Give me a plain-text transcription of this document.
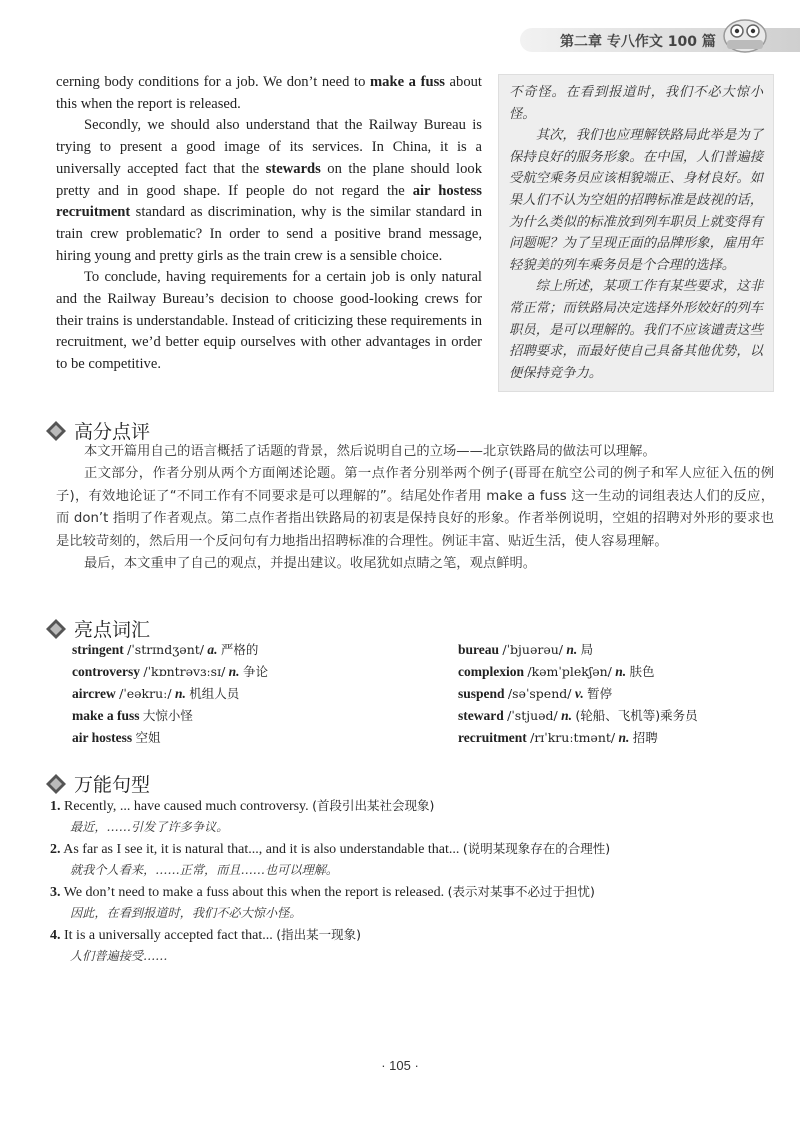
第二章 专八作文 100 篇

cerning body conditions for a job. We don’t need to make a fuss about this when the report is released.

Secondly, we should also understand that the Railway Bureau is trying to present a good image of its services. In China, it is a universally accepted fact that the stewards on the plane should look pretty and in good shape. If people do not regard the air hostess recruitment standard as discrimination, why is the similar standard in train crew problematic? In order to send a positive brand message, hiring young and pretty girls as the train crew is a sensible choice.

To conclude, having requirements for a certain job is only natural and the Railway Bureau’s decision to choose good-looking crews for their trains is understandable. Instead of criticizing these requirements in recruitment, we’d better equip ourselves with other advantages in order to be competitive.

不奇怪。在看到报道时，我们不必大惊小怪。

其次，我们也应理解铁路局此举是为了保持良好的服务形象。在中国，人们普遍接受航空乘务员应该相貌端正、身材良好。如果人们不认为空姐的招聘标准是歧视的话，为什么类似的标准放到列车职员上就变得有问题呢？为了呈现正面的品牌形象，雇用年轻貌美的列车乘务员是个合理的选择。

综上所述，某项工作有某些要求，这非常正常；而铁路局决定选择外形姣好的列车职员，是可以理解的。我们不应该谴责这些招聘要求，而最好使自己具备其他优势，以便保持竞争力。

高分点评

本文开篇用自己的语言概括了话题的背景，然后说明自己的立场——北京铁路局的做法可以理解。

正文部分，作者分别从两个方面阐述论题。第一点作者分别举两个例子(哥哥在航空公司的例子和军人应征入伍的例子)，有效地论证了“不同工作有不同要求是可以理解的”。结尾处作者用 make a fuss 这一生动的词组表达人们的反应，而 don’t 指明了作者观点。第二点作者指出铁路局的初衷是保持良好的形象。作者举例说明，空姐的招聘对外形的要求也是比较苛刻的，然后用一个反问句有力地指出招聘标准的合理性。例证丰富、贴近生活，使人容易理解。

最后，本文重申了自己的观点，并提出建议。收尾犹如点睛之笔，观点鲜明。

亮点词汇
stringent /ˈstrɪndʒənt/ a. 严格的	bureau /ˈbjuərəu/ n. 局
controversy /ˈkɒntrəvɜːsɪ/ n. 争论	complexion /kəmˈplekʃən/ n. 肤色
aircrew /ˈeəkruː/ n. 机组人员	suspend /səˈspend/ v. 暂停
make a fuss 大惊小怪	steward /ˈstjuəd/ n. (轮船、飞机等)乘务员
air hostess 空姐	recruitment /rɪˈkruːtmənt/ n. 招聘
万能句型
1. Recently, ... have caused much controversy. (首段引出某社会现象)
最近，……引发了许多争议。
2. As far as I see it, it is natural that..., and it is also understandable that... (说明某现象存在的合理性)
就我个人看来，……正常，而且……也可以理解。
3. We don’t need to make a fuss about this when the report is released. (表示对某事不必过于担忧)
因此，在看到报道时，我们不必大惊小怪。
4. It is a universally accepted fact that... (指出某一现象)
人们普遍接受……
· 105 ·
